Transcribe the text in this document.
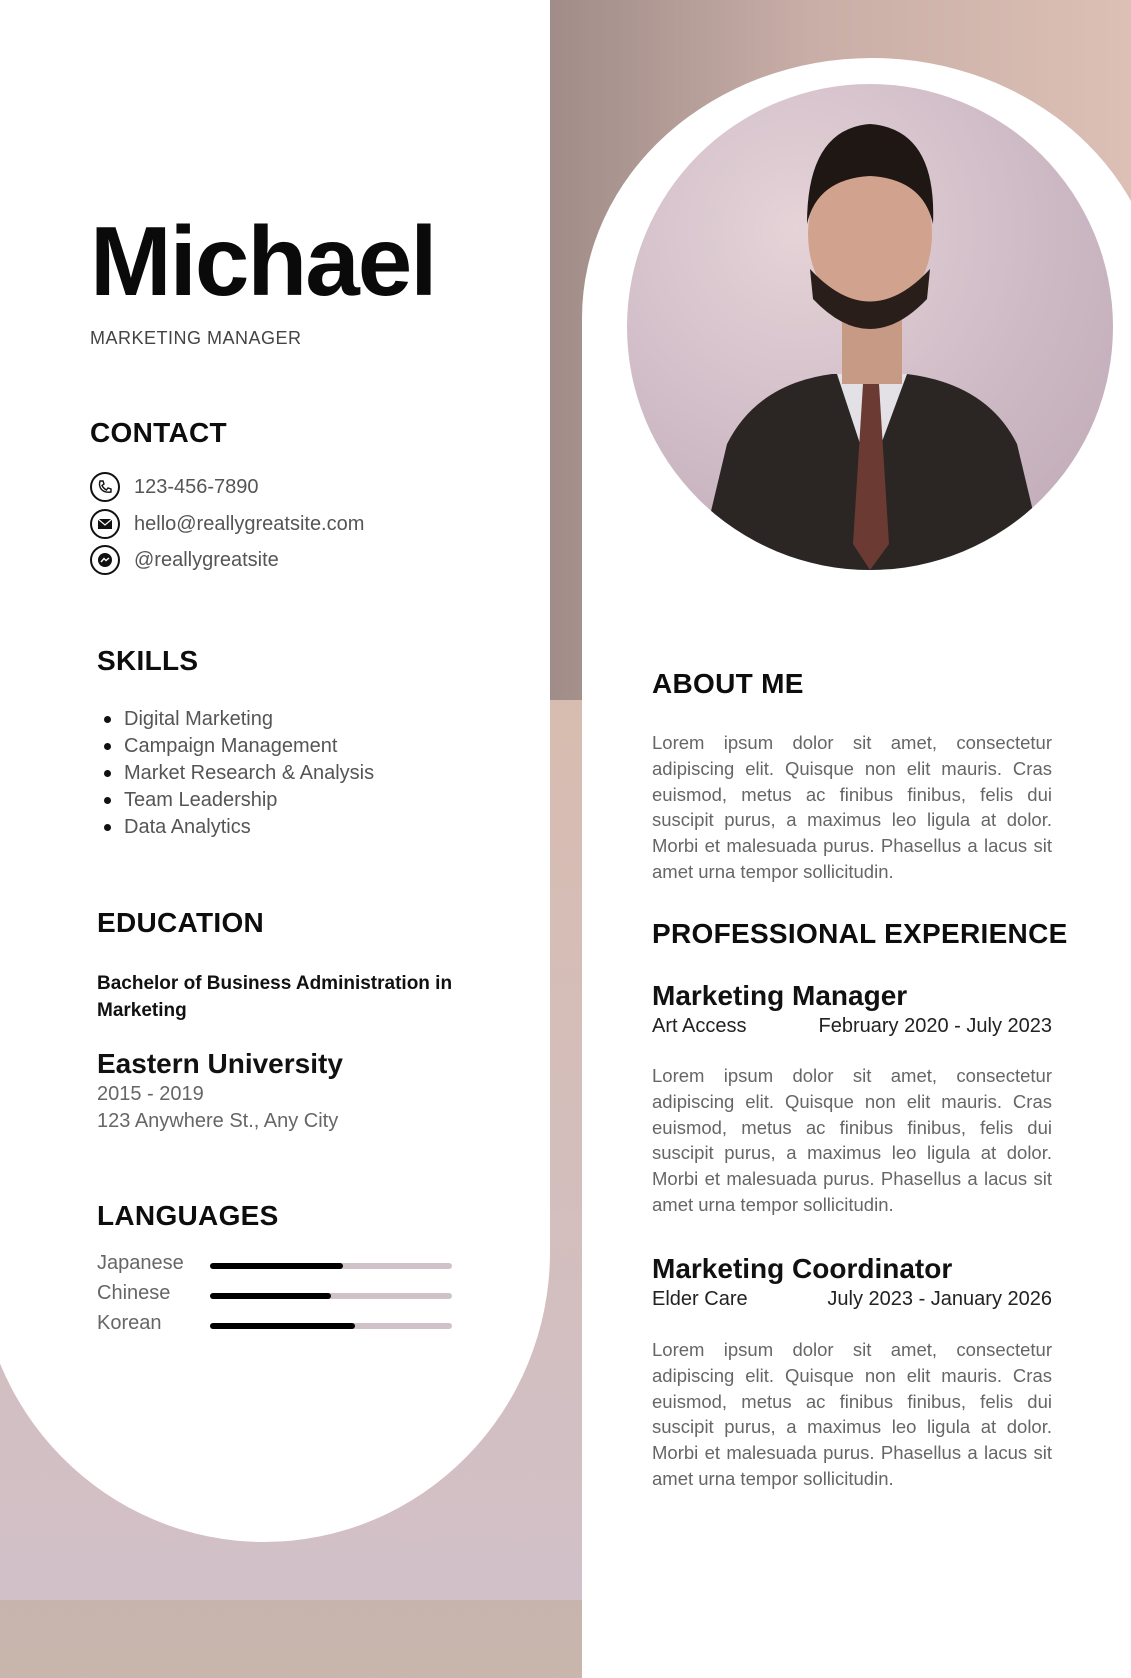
Michael
MARKETING MANAGER
CONTACT
123-456-7890
hello@reallygreatsite.com
@reallygreatsite
SKILLS
Digital Marketing
Campaign Management
Market Research & Analysis
Team Leadership
Data Analytics
EDUCATION
Bachelor of Business Administration in Marketing
Eastern University
2015 - 2019
123 Anywhere St., Any City
LANGUAGES
Japanese
Chinese
Korean
ABOUT ME

Lorem ipsum dolor sit amet, consectetur adipiscing elit. Quisque non elit mauris. Cras euismod, metus ac finibus finibus, felis dui suscipit purus, a maximus leo ligula at dolor. Morbi et malesuada purus. Phasellus a lacus sit amet urna tempor sollicitudin.

PROFESSIONAL EXPERIENCE
Marketing Manager
Art Access	February 2020 - July 2023

Lorem ipsum dolor sit amet, consectetur adipiscing elit. Quisque non elit mauris. Cras euismod, metus ac finibus finibus, felis dui suscipit purus, a maximus leo ligula at dolor. Morbi et malesuada purus. Phasellus a lacus sit amet urna tempor sollicitudin.

Marketing Coordinator
Elder Care	July 2023 - January 2026

Lorem ipsum dolor sit amet, consectetur adipiscing elit. Quisque non elit mauris. Cras euismod, metus ac finibus finibus, felis dui suscipit purus, a maximus leo ligula at dolor. Morbi et malesuada purus. Phasellus a lacus sit amet urna tempor sollicitudin.
